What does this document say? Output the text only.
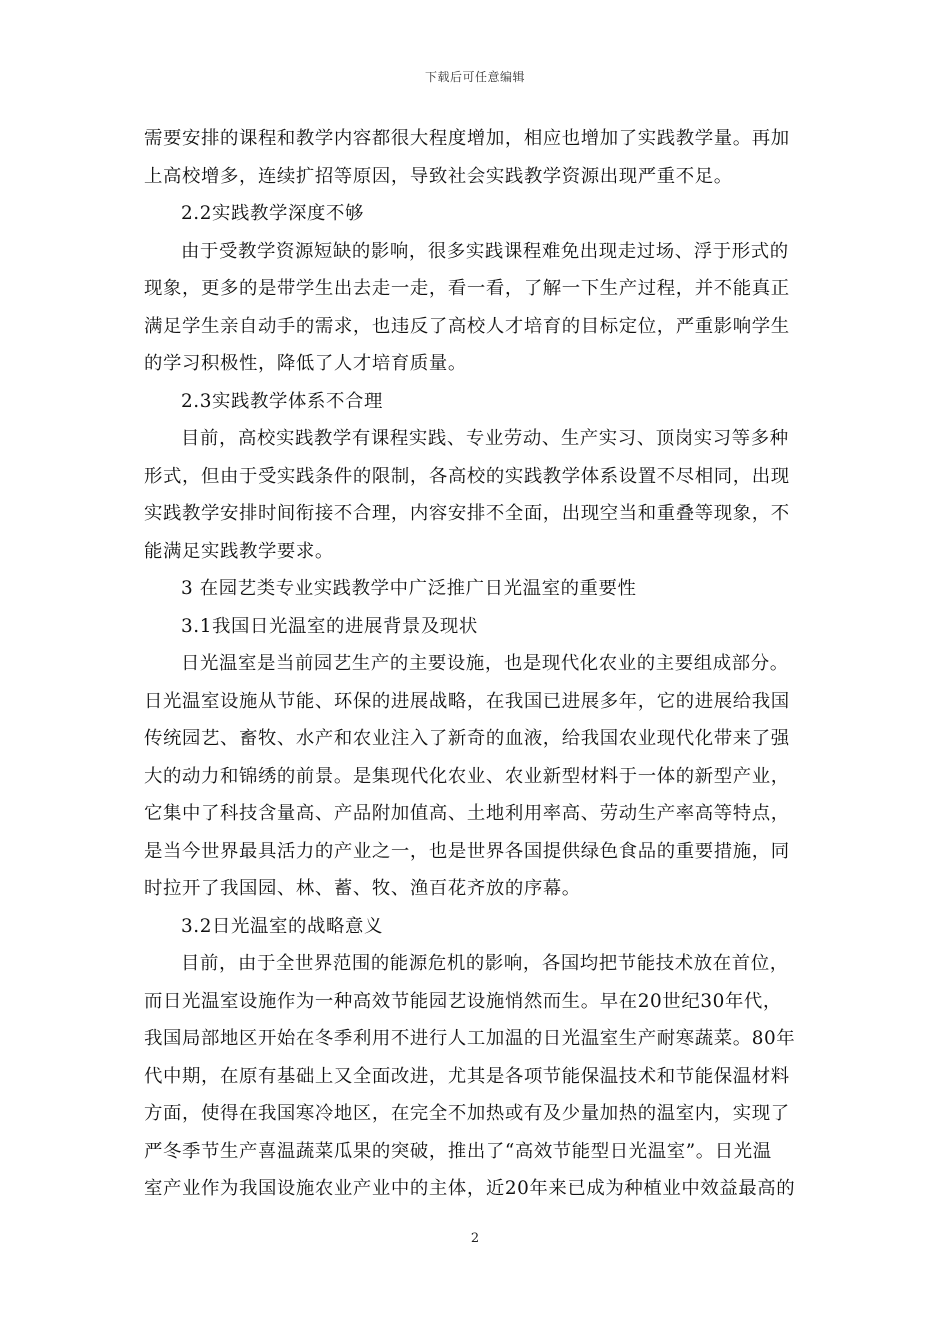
下载后可任意编辑
需要安排的课程和教学内容都很大程度增加，相应也增加了实践教学量。再加
上高校增多，连续扩招等原因，导致社会实践教学资源出现严重不足。
2.2实践教学深度不够
由于受教学资源短缺的影响，很多实践课程难免出现走过场、浮于形式的
现象，更多的是带学生出去走一走，看一看，了解一下生产过程，并不能真正
满足学生亲自动手的需求，也违反了高校人才培育的目标定位，严重影响学生
的学习积极性，降低了人才培育质量。
2.3实践教学体系不合理
目前，高校实践教学有课程实践、专业劳动、生产实习、顶岗实习等多种
形式，但由于受实践条件的限制，各高校的实践教学体系设置不尽相同，出现
实践教学安排时间衔接不合理，内容安排不全面，出现空当和重叠等现象，不
能满足实践教学要求。
3 在园艺类专业实践教学中广泛推广日光温室的重要性
3.1我国日光温室的进展背景及现状
日光温室是当前园艺生产的主要设施，也是现代化农业的主要组成部分。
日光温室设施从节能、环保的进展战略，在我国已进展多年，它的进展给我国
传统园艺、畜牧、水产和农业注入了新奇的血液，给我国农业现代化带来了强
大的动力和锦绣的前景。是集现代化农业、农业新型材料于一体的新型产业，
它集中了科技含量高、产品附加值高、土地利用率高、劳动生产率高等特点，
是当今世界最具活力的产业之一，也是世界各国提供绿色食品的重要措施，同
时拉开了我国园、林、蓄、牧、渔百花齐放的序幕。
3.2日光温室的战略意义
目前，由于全世界范围的能源危机的影响，各国均把节能技术放在首位，
而日光温室设施作为一种高效节能园艺设施悄然而生。早在20世纪30年代，
我国局部地区开始在冬季利用不进行人工加温的日光温室生产耐寒蔬菜。80年
代中期，在原有基础上又全面改进，尤其是各项节能保温技术和节能保温材料
方面，使得在我国寒冷地区，在完全不加热或有及少量加热的温室内，实现了
严冬季节生产喜温蔬菜瓜果的突破，推出了“高效节能型日光温室”。日光温
室产业作为我国设施农业产业中的主体，近20年来已成为种植业中效益最高的
2
